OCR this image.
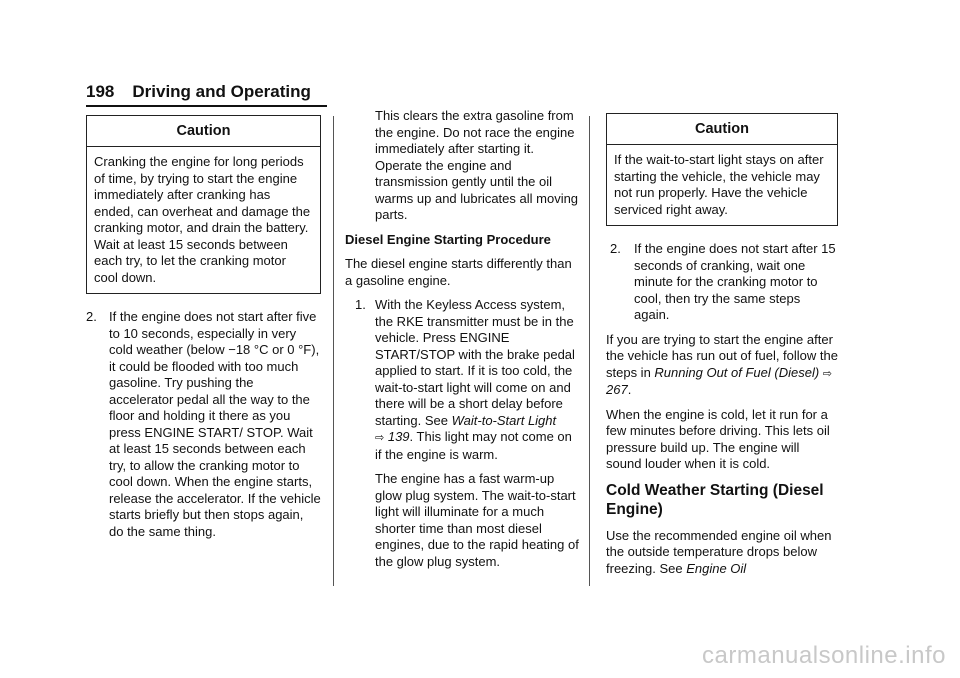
198 Driving and Operating
Caution
Cranking the engine for long periods of time, by trying to start the engine immediately after cranking has ended, can overheat and damage the cranking motor, and drain the battery. Wait at least 15 seconds between each try, to let the cranking motor cool down.
2. If the engine does not start after five to 10 seconds, especially in very cold weather (below −18 °C or 0 °F), it could be flooded with too much gasoline. Try pushing the accelerator pedal all the way to the floor and holding it there as you press ENGINE START/ STOP. Wait at least 15 seconds between each try, to allow the cranking motor to cool down. When the engine starts, release the accelerator. If the vehicle starts briefly but then stops again, do the same thing.

This clears the extra gasoline from the engine. Do not race the engine immediately after starting it. Operate the engine and transmission gently until the oil warms up and lubricates all moving parts.

Diesel Engine Starting Procedure

The diesel engine starts differently than a gasoline engine.

1. With the Keyless Access system, the RKE transmitter must be in the vehicle. Press ENGINE START/STOP with the brake pedal applied to start. If it is too cold, the wait-to-start light will come on and there will be a short delay before starting. See Wait-to-Start Light
⇨ 139. This light may not come on if the engine is warm.

The engine has a fast warm-up glow plug system. The wait-to-start light will illuminate for a much shorter time than most diesel engines, due to the rapid heating of the glow plug system.

Caution
If the wait-to-start light stays on after starting the vehicle, the vehicle may not run properly. Have the vehicle serviced right away.
2.	If the engine does not start after 15 seconds of cranking, wait one minute for the cranking motor to cool, then try the same steps again.

If you are trying to start the engine after the vehicle has run out of fuel, follow the steps in Running Out of Fuel (Diesel) ⇨ 267.

When the engine is cold, let it run for a few minutes before driving. This lets oil pressure build up. The engine will sound louder when it is cold.

Cold Weather Starting (Diesel Engine)

Use the recommended engine oil when the outside temperature drops below freezing. See Engine Oil

carmanualsonline.info
